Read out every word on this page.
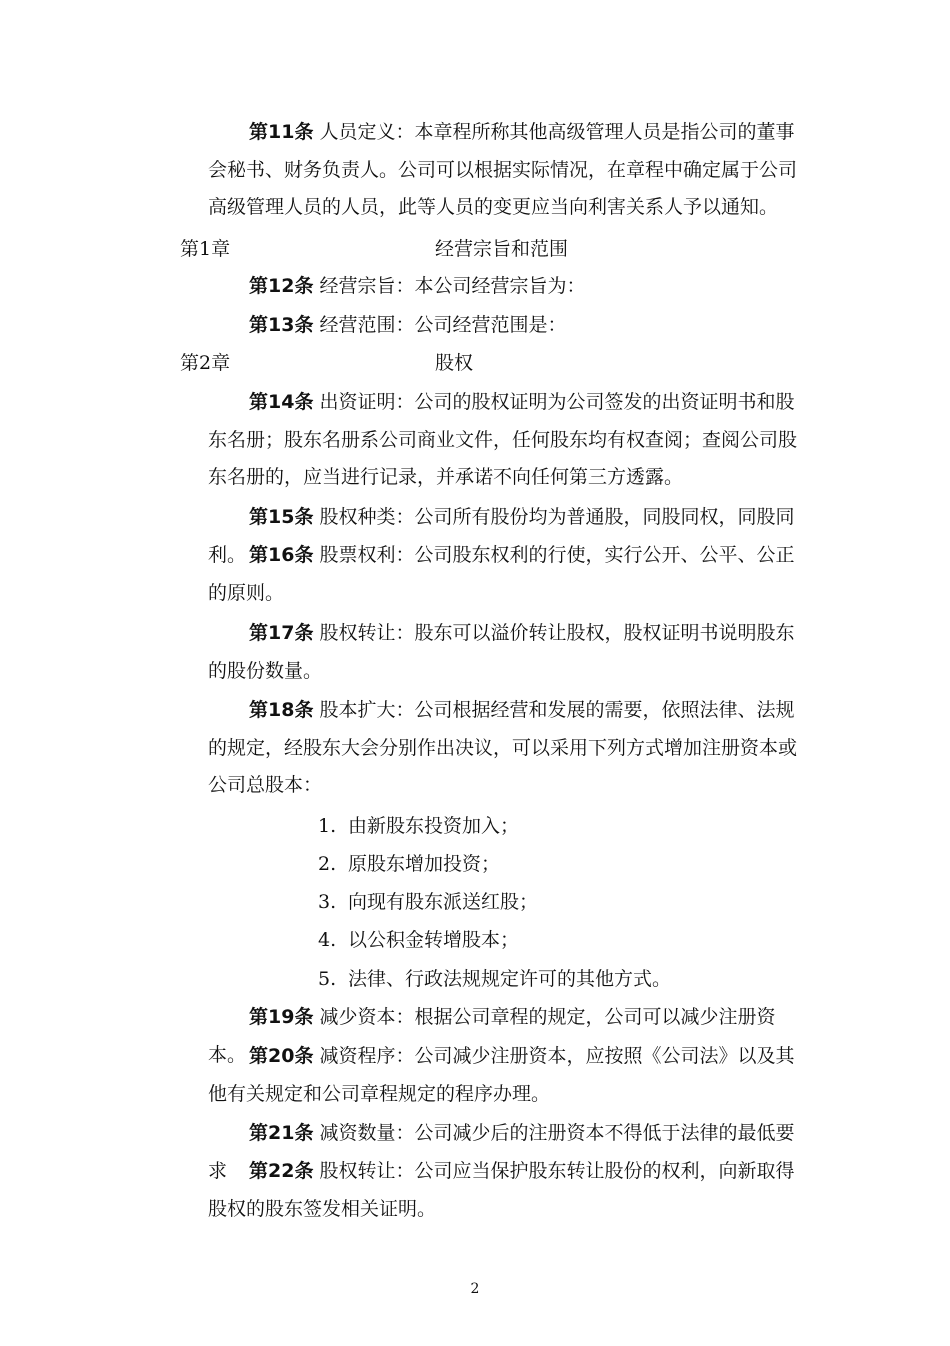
第11条 人员定义：本章程所称其他高级管理人员是指公司的董事会秘书、财务负责人。公司可以根据实际情况，在章程中确定属于公司高级管理人员的人员，此等人员的变更应当向利害关系人予以通知。

第1章	经营宗旨和范围

第12条 经营宗旨：本公司经营宗旨为：

第13条 经营范围：公司经营范围是：

第2章	股权

第14条 出资证明：公司的股权证明为公司签发的出资证明书和股东名册；股东名册系公司商业文件，任何股东均有权查阅；查阅公司股东名册的，应当进行记录，并承诺不向任何第三方透露。

第15条 股权种类：公司所有股份均为普通股，同股同权，同股同利。 第16条 股票权利：公司股东权利的行使，实行公开、公平、公正的原则。

第17条 股权转让：股东可以溢价转让股权，股权证明书说明股东的股份数量。

第18条 股本扩大：公司根据经营和发展的需要，依照法律、法规的规定，经股东大会分别作出决议，可以采用下列方式增加注册资本或公司总股本：

1. 由新股东投资加入；
2. 原股东增加投资；
3. 向现有股东派送红股；
4. 以公积金转增股本；
5. 法律、行政法规规定许可的其他方式。

第19条 减少资本：根据公司章程的规定，公司可以减少注册资本。 第20条 减资程序：公司减少注册资本，应按照《公司法》以及其他有关规定和公司章程规定的程序办理。

第21条 减资数量：公司减少后的注册资本不得低于法律的最低要求	第22条 股权转让：公司应当保护股东转让股份的权利，向新取得股权的股东签发相关证明。

2
